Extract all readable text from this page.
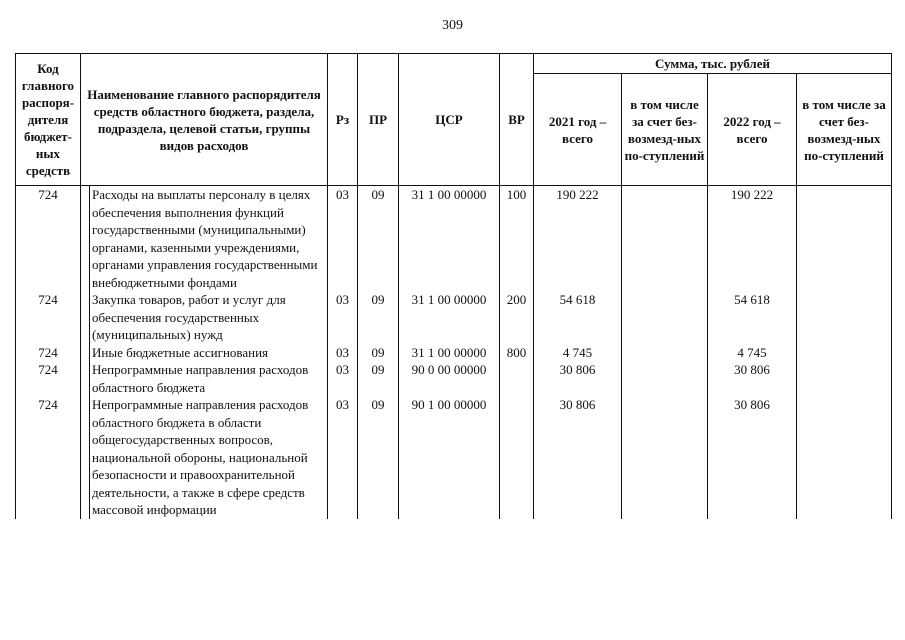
309
Код главного распоря-дителя бюджет-ных средств	Наименование главного распорядителя средств областного бюджета, раздела, подраздела, целевой статьи, группы видов расходов		Рз	ПР	ЦСР	ВР	Сумма, тыс. рублей			
							2021 год – всего	в том числе за счет без-возмезд-ных по-ступлений	2022 год – всего	в том числе за счет без-возмезд-ных по-ступлений
724		Расходы на выплаты персоналу в целях обеспечения выполнения функций государственными (муниципальными) органами, казенными учреждениями, органами управления государственными внебюджетными фондами	03	09	31 1 00 00000	100	190 222		190 222	
724		Закупка товаров, работ и услуг для обеспечения государственных (муниципальных) нужд	03	09	31 1 00 00000	200	54 618		54 618	
724		Иные бюджетные ассигнования	03	09	31 1 00 00000	800	4 745		4 745	
724		Непрограммные направления расходов областного бюджета	03	09	90 0 00 00000		30 806		30 806	
724		Непрограммные направления расходов областного бюджета в области общегосударственных вопросов, национальной обороны, национальной безопасности и правоохранительной деятельности, а также в сфере средств массовой информации	03	09	90 1 00 00000		30 806		30 806	
